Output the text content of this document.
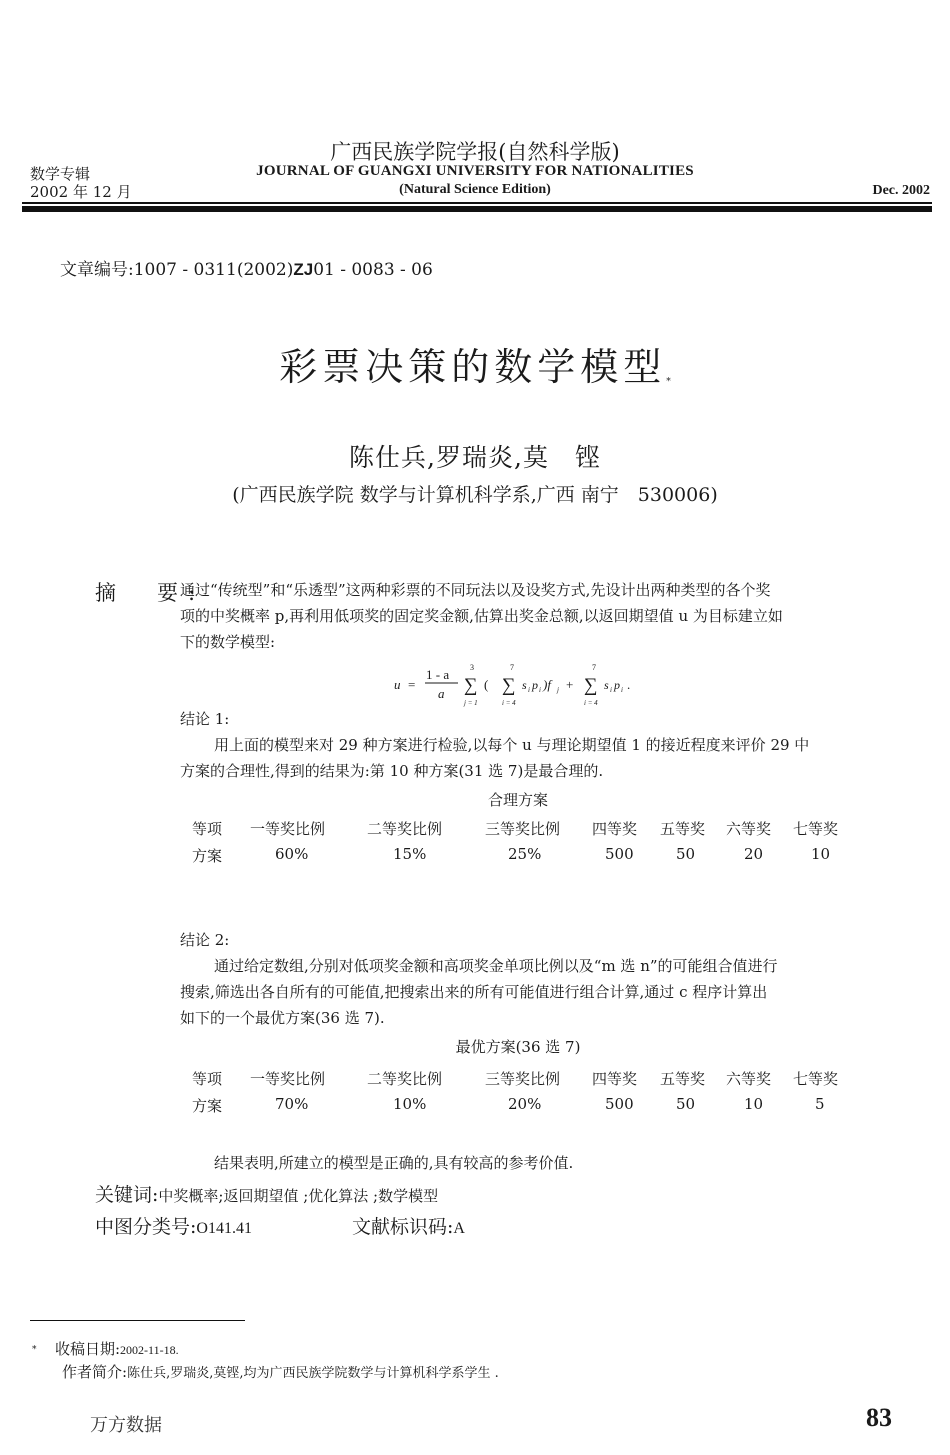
广西民族学院学报(自然科学版)
数学专辑
2002 年 12 月
JOURNAL OF GUANGXI UNIVERSITY FOR NATIONALITIES
(Natural Science Edition)	Dec. 2002
文章编号:1007 - 0311(2002)ZJ01 - 0083 - 06
彩票决策的数学模型*
陈仕兵,罗瑞炎,莫　铿
(广西民族学院 数学与计算机科学系,广西 南宁　530006)
摘　要:
通过“传统型”和“乐透型”这两种彩票的不同玩法以及设奖方式,先设计出两种类型的各个奖
项的中奖概率 p,再利用低项奖的固定奖金额,估算出奖金总额,以返回期望值 u 为目标建立如
下的数学模型:
u =
1 - a
a
3
∑
j = 1
(
7
∑
i = 4
s i p i )f j +
7
∑
i = 4
s i p i .
结论 1:
用上面的模型来对 29 种方案进行检验,以每个 u 与理论期望值 1 的接近程度来评价 29 中
方案的合理性,得到的结果为:第 10 种方案(31 选 7)是最合理的.
合理方案
等项 一等奖比例	二等奖比例	三等奖比例 四等奖 五等奖 六等奖 七等奖
方案	60%	15%	25%	500	50	20	10
结论 2:
通过给定数组,分别对低项奖金额和高项奖金单项比例以及“m 选 n”的可能组合值进行
搜索,筛选出各自所有的可能值,把搜索出来的所有可能值进行组合计算,通过 c 程序计算出
如下的一个最优方案(36 选 7).
最优方案(36 选 7)
等项 一等奖比例	二等奖比例	三等奖比例 四等奖 五等奖 六等奖 七等奖
方案	70%	10%	20%	500	50	10	5
结果表明,所建立的模型是正确的,具有较高的参考价值.
关键词:中奖概率;返回期望值 ;优化算法 ;数学模型
中图分类号:O141.41	文献标识码:A
* 收稿日期:2002-11-18.
作者简介:陈仕兵,罗瑞炎,莫铿,均为广西民族学院数学与计算机科学系学生 .
万方数据	83
